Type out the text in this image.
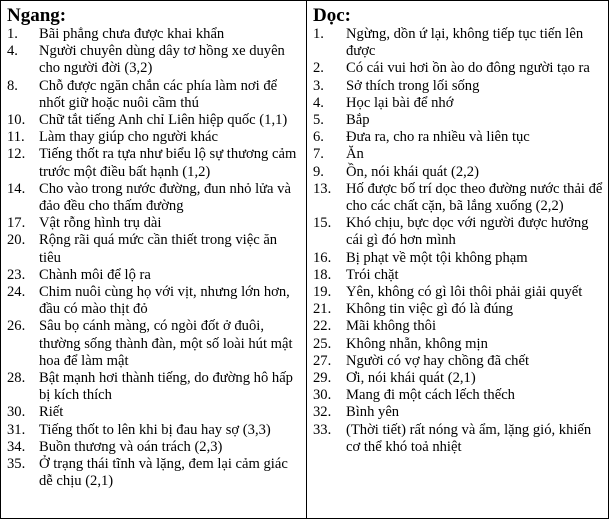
Ngang:
1.	Bãi phẳng chưa được khai khẩn
4.	Người chuyên dùng dây tơ hồng xe duyên cho người đời (3,2)
8.	Chỗ được ngăn chắn các phía làm nơi để nhốt giữ hoặc nuôi cầm thú
10. Chữ tắt tiếng Anh chỉ Liên hiệp quốc (1,1)
11. Làm thay giúp cho người khác
12. Tiếng thốt ra tựa như biểu lộ sự thương cảm trước một điều bất hạnh (1,2)
14. Cho vào trong nước đường, đun nhỏ lửa và đảo đều cho thấm đường
17. Vật rỗng hình trụ dài
20. Rộng rãi quá mức cần thiết trong việc ăn tiêu
23. Chành môi để lộ ra
24. Chim nuôi cùng họ với vịt, nhưng lớn hơn, đầu có mào thịt đỏ
26. Sâu bọ cánh màng, có ngòi đốt ở đuôi, thường sống thành đàn, một số loài hút mật hoa để làm mật
28. Bật mạnh hơi thành tiếng, do đường hô hấp bị kích thích
30. Riết
31. Tiếng thốt to lên khi bị đau hay sợ (3,3)
34. Buồn thương và oán trách (2,3)
35. Ở trạng thái tĩnh và lặng, đem lại cảm giác dễ chịu (2,1)
Dọc:
1.	Ngừng, dồn ứ lại, không tiếp tục tiến lên được
2.	Có cái vui hơi ồn ào do đông người tạo ra
3.	Sở thích trong lối sống
4.	Học lại bài để nhớ
5.	Bắp
6.	Đưa ra, cho ra nhiều và liên tục
7.	Ăn
9.	Ồn, nói khái quát (2,2)
13.	Hố được bố trí dọc theo đường nước thải để cho các chất cặn, bã lắng xuống (2,2)
15.	Khó chịu, bực dọc với người được hưởng cái gì đó hơn mình
16.	Bị phạt về một tội không phạm
18.	Trói chặt
19.	Yên, không có gì lôi thôi phải giải quyết
21.	Không tin việc gì đó là đúng
22.	Mãi không thôi
25.	Không nhẵn, không mịn
27.	Người có vợ hay chồng đã chết
29.	Ơi, nói khái quát (2,1)
30.	Mang đi một cách lếch thếch
32.	Bình yên
33.	(Thời tiết) rất nóng và ẩm, lặng gió, khiến cơ thể khó toả nhiệt
